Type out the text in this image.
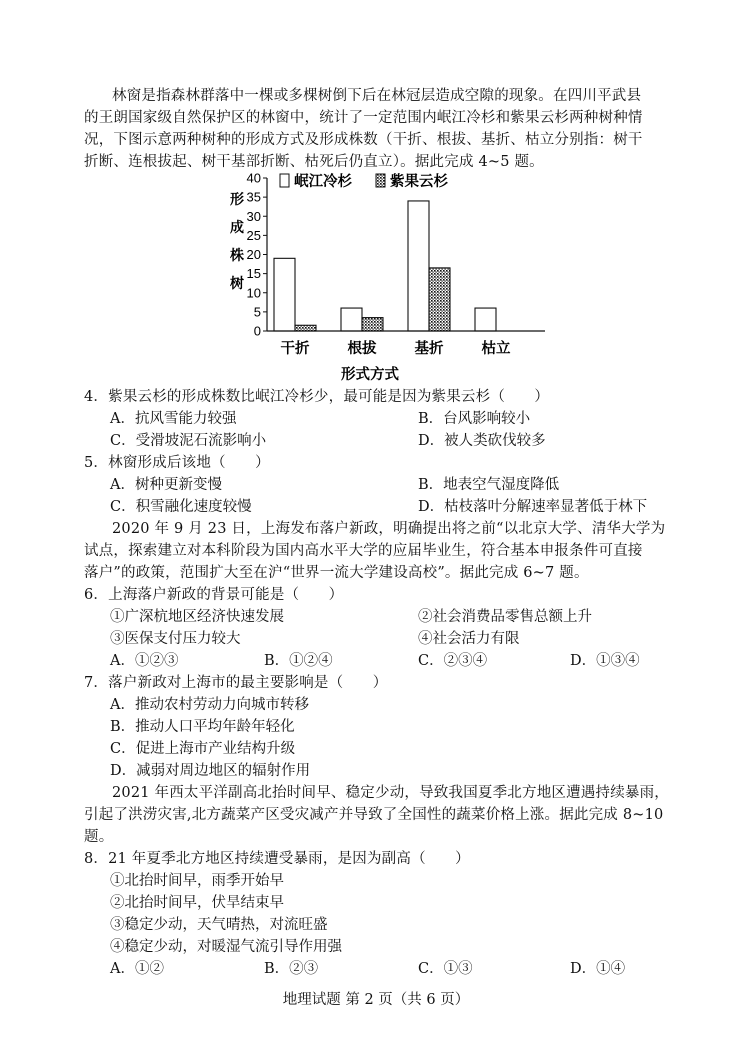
林窗是指森林群落中一棵或多棵树倒下后在林冠层造成空隙的现象。在四川平武县
的王朗国家级自然保护区的林窗中，统计了一定范围内岷江冷杉和紫果云杉两种树种情
况，下图示意两种树种的形成方式及形成株数（干折、根拔、基折、枯立分别指：树干
折断、连根拔起、树干基部折断、枯死后仍直立）。据此完成 4~5 题。
40
35
30
25
20
15
10
5
0
形
成
株
树
岷江冷杉	紫果云杉
干折	根拔	基折	枯立
形式方式
4．紫果云杉的形成株数比岷江冷杉少，最可能是因为紫果云杉（　　）
A．抗风雪能力较强	B．台风影响较小
C．受滑坡泥石流影响小	D．被人类砍伐较多
5．林窗形成后该地（　　）
A．树种更新变慢	B．地表空气湿度降低
C．积雪融化速度较慢	D．枯枝落叶分解速率显著低于林下
2020 年 9 月 23 日，上海发布落户新政，明确提出将之前“以北京大学、清华大学为
试点，探索建立对本科阶段为国内高水平大学的应届毕业生，符合基本申报条件可直接
落户”的政策，范围扩大至在沪“世界一流大学建设高校”。据此完成 6~7 题。
6．上海落户新政的背景可能是（　　）
①广深杭地区经济快速发展	②社会消费品零售总额上升
③医保支付压力较大	④社会活力有限
A．①②③	B．①②④	C．②③④	D．①③④
7．落户新政对上海市的最主要影响是（　　）
A．推动农村劳动力向城市转移
B．推动人口平均年龄年轻化
C．促进上海市产业结构升级
D．减弱对周边地区的辐射作用
2021 年西太平洋副高北抬时间早、稳定少动，导致我国夏季北方地区遭遇持续暴雨，
引起了洪涝灾害,北方蔬菜产区受灾减产并导致了全国性的蔬菜价格上涨。据此完成 8~10
题。
8．21 年夏季北方地区持续遭受暴雨，是因为副高（　　）
①北抬时间早，雨季开始早
②北抬时间早，伏旱结束早
③稳定少动，天气晴热，对流旺盛
④稳定少动，对暖湿气流引导作用强
A．①②	B．②③	C．①③	D．①④
地理试题 第 2 页（共 6 页）
